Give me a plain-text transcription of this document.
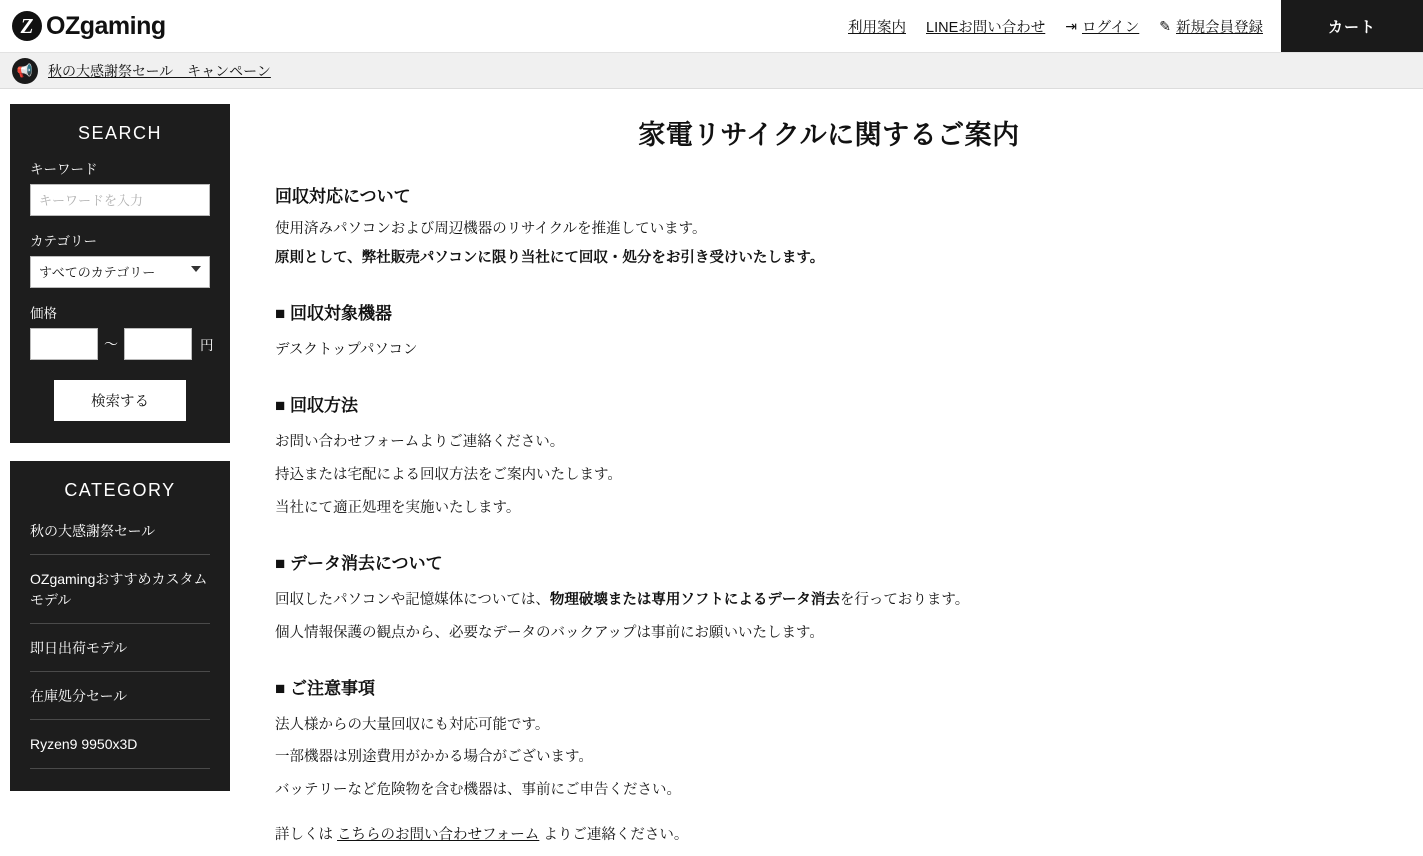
Z OZgaming	利用案内 LINEお問い合わせ ⇥ ログイン ✎ 新規会員登録	カート
📢	秋の大感謝祭セール　キャンペーン
SEARCH
キーワード
キーワードを入力
カテゴリー
すべてのカテゴリー
価格
〜	円
検索する
CATEGORY
秋の大感謝祭セール
OZgamingおすすめカスタムモデル
即日出荷モデル
在庫処分セール
Ryzen9 9950x3D
家電リサイクルに関するご案内
回収対応について

使用済みパソコンおよび周辺機器のリサイクルを推進しています。

原則として、弊社販売パソコンに限り当社にて回収・処分をお引き受けいたします。

■ 回収対象機器

デスクトップパソコン

■ 回収方法

お問い合わせフォームよりご連絡ください。

持込または宅配による回収方法をご案内いたします。

当社にて適正処理を実施いたします。

■ データ消去について

回収したパソコンや記憶媒体については、物理破壊または専用ソフトによるデータ消去を行っております。

個人情報保護の観点から、必要なデータのバックアップは事前にお願いいたします。

■ ご注意事項

法人様からの大量回収にも対応可能です。

一部機器は別途費用がかかる場合がございます。

バッテリーなど危険物を含む機器は、事前にご申告ください。

詳しくは こちらのお問い合わせフォーム よりご連絡ください。
